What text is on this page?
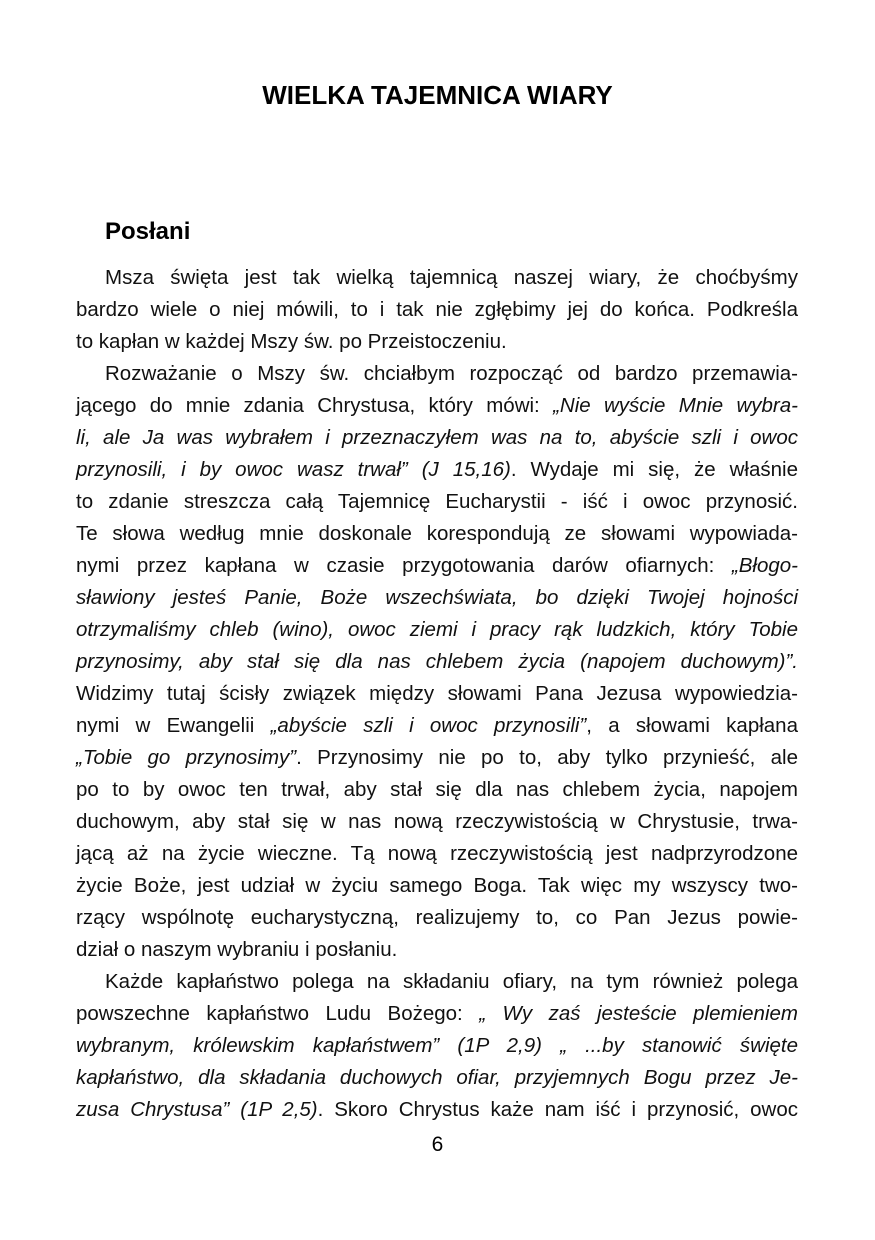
WIELKA TAJEMNICA WIARY
Posłani
Msza święta jest tak wielką tajemnicą naszej wiary, że choćbyśmy
bardzo wiele o niej mówili, to i tak nie zgłębimy jej do końca. Podkreśla
to kapłan w każdej Mszy św. po Przeistoczeniu.
Rozważanie o Mszy św. chciałbym rozpocząć od bardzo przemawia-
jącego do mnie zdania Chrystusa, który mówi: „Nie wyście Mnie wybra-
li, ale Ja was wybrałem i przeznaczyłem was na to, abyście szli i owoc
przynosili, i by owoc wasz trwał” (J 15,16). Wydaje mi się, że właśnie
to zdanie streszcza całą Tajemnicę Eucharystii - iść i owoc przynosić.
Te słowa według mnie doskonale korespondują ze słowami wypowiada-
nymi przez kapłana w czasie przygotowania darów ofiarnych: „Błogo-
sławiony jesteś Panie, Boże wszechświata, bo dzięki Twojej hojności
otrzymaliśmy chleb (wino), owoc ziemi i pracy rąk ludzkich, który Tobie
przynosimy, aby stał się dla nas chlebem życia (napojem duchowym)”.
Widzimy tutaj ścisły związek między słowami Pana Jezusa wypowiedzia-
nymi w Ewangelii „abyście szli i owoc przynosili”, a słowami kapłana
„Tobie go przynosimy”. Przynosimy nie po to, aby tylko przynieść, ale
po to by owoc ten trwał, aby stał się dla nas chlebem życia, napojem
duchowym, aby stał się w nas nową rzeczywistością w Chrystusie, trwa-
jącą aż na życie wieczne. Tą nową rzeczywistością jest nadprzyrodzone
życie Boże, jest udział w życiu samego Boga. Tak więc my wszyscy two-
rzący wspólnotę eucharystyczną, realizujemy to, co Pan Jezus powie-
dział o naszym wybraniu i posłaniu.
Każde kapłaństwo polega na składaniu ofiary, na tym również polega
powszechne kapłaństwo Ludu Bożego: „ Wy zaś jesteście plemieniem
wybranym, królewskim kapłaństwem” (1P 2,9) „ ...by stanowić święte
kapłaństwo, dla składania duchowych ofiar, przyjemnych Bogu przez Je-
zusa Chrystusa” (1P 2,5). Skoro Chrystus każe nam iść i przynosić, owoc
6
